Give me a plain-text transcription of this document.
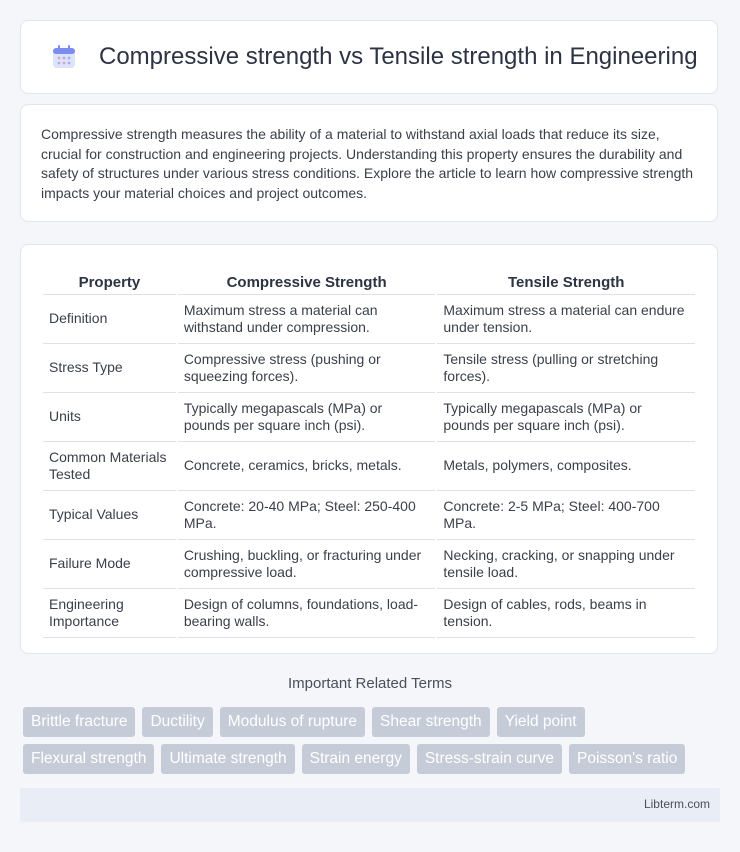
Compressive strength vs Tensile strength in Engineering

Compressive strength measures the ability of a material to withstand axial loads that reduce its size, crucial for construction and engineering projects. Understanding this property ensures the durability and safety of structures under various stress conditions. Explore the article to learn how compressive strength impacts your material choices and project outcomes.

Property	Compressive Strength	Tensile Strength
Definition	Maximum stress a material can withstand under compression.	Maximum stress a material can endure under tension.
Stress Type	Compressive stress (pushing or squeezing forces).	Tensile stress (pulling or stretching forces).
Units	Typically megapascals (MPa) or pounds per square inch (psi).	Typically megapascals (MPa) or pounds per square inch (psi).
Common Materials Tested	Concrete, ceramics, bricks, metals.	Metals, polymers, composites.
Typical Values	Concrete: 20-40 MPa; Steel: 250-400 MPa.	Concrete: 2-5 MPa; Steel: 400-700 MPa.
Failure Mode	Crushing, buckling, or fracturing under compressive load.	Necking, cracking, or snapping under tensile load.
Engineering Importance	Design of columns, foundations, load-bearing walls.	Design of cables, rods, beams in tension.
Important Related Terms
Brittle fracture	Ductility	Modulus of rupture	Shear strength	Yield point
Flexural strength	Ultimate strength	Strain energy	Stress-strain curve	Poisson's ratio
Libterm.com
